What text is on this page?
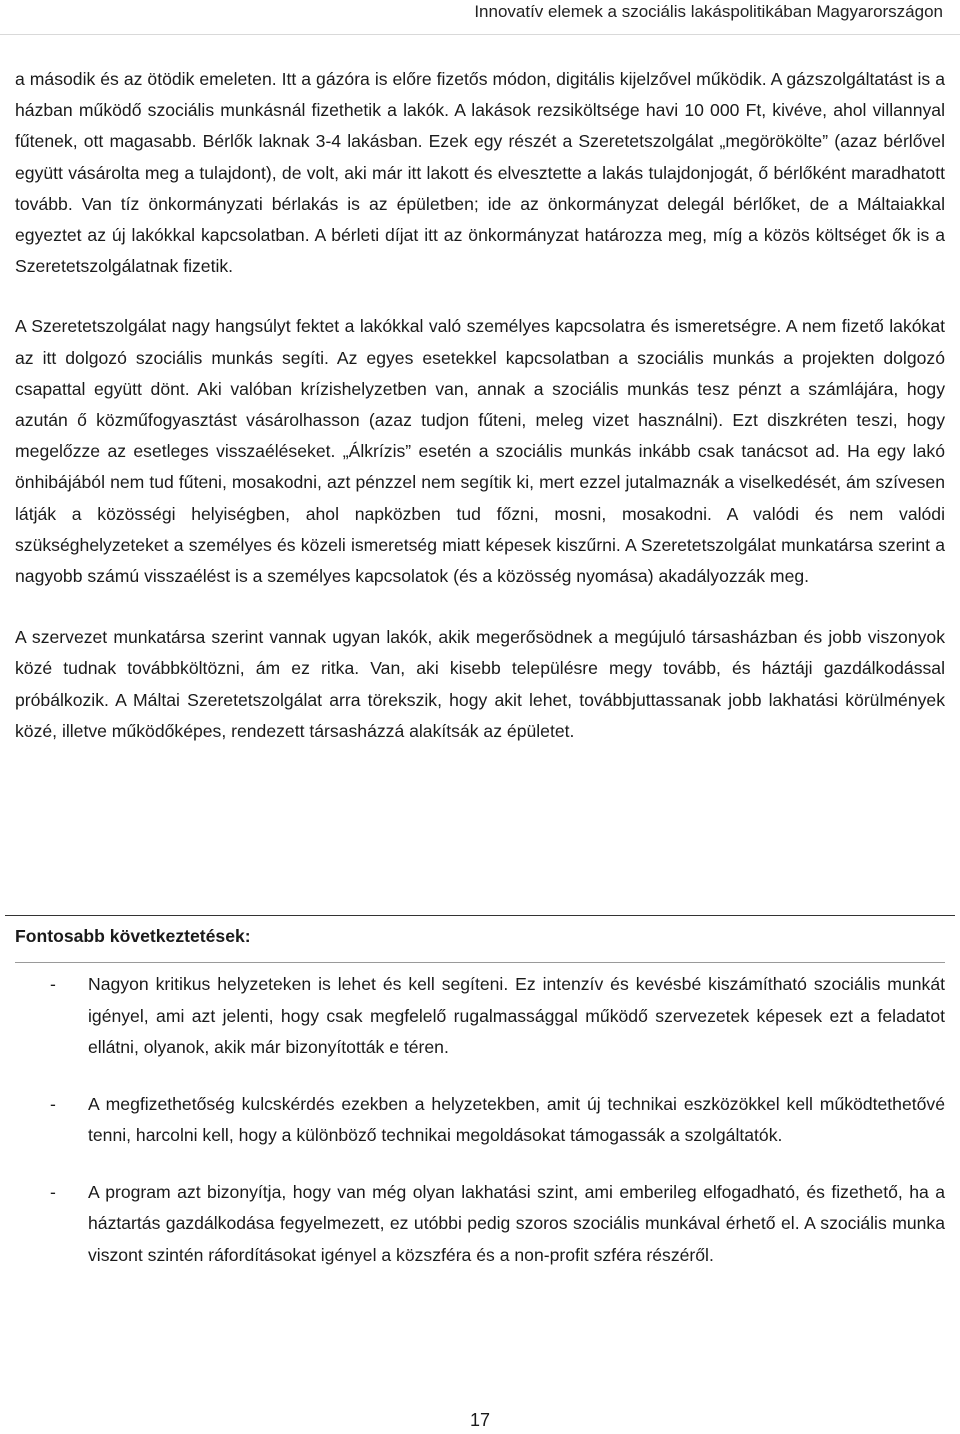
Innovatív elemek a szociális lakáspolitikában Magyarországon

a második és az ötödik emeleten. Itt a gázóra is előre fizetős módon, digitális kijelzővel működik. A gázszolgáltatást is a házban működő szociális munkásnál fizethetik a lakók. A lakások rezsiköltsége havi 10 000 Ft, kivéve, ahol villannyal fűtenek, ott magasabb. Bérlők laknak 3-4 lakásban. Ezek egy részét a Szeretetszolgálat „megörökölte” (azaz bérlővel együtt vásárolta meg a tulajdont), de volt, aki már itt lakott és elvesztette a lakás tulajdonjogát, ő bérlőként maradhatott tovább. Van tíz önkormányzati bérlakás is az épületben; ide az önkormányzat delegál bérlőket, de a Máltaiakkal egyeztet az új lakókkal kapcsolatban. A bérleti díjat itt az önkormányzat határozza meg, míg a közös költséget ők is a Szeretetszolgálatnak fizetik.

A Szeretetszolgálat nagy hangsúlyt fektet a lakókkal való személyes kapcsolatra és ismeretségre. A nem fizető lakókat az itt dolgozó szociális munkás segíti. Az egyes esetekkel kapcsolatban a szociális munkás a projekten dolgozó csapattal együtt dönt. Aki valóban krízishelyzetben van, annak a szociális munkás tesz pénzt a számlájára, hogy azután ő közműfogyasztást vásárolhasson (azaz tudjon fűteni, meleg vizet használni). Ezt diszkréten teszi, hogy megelőzze az esetleges visszaéléseket. „Álkrízis” esetén a szociális munkás inkább csak tanácsot ad. Ha egy lakó önhibájából nem tud fűteni, mosakodni, azt pénzzel nem segítik ki, mert ezzel jutalmaznák a viselkedését, ám szívesen látják a közösségi helyiségben, ahol napközben tud főzni, mosni, mosakodni. A valódi és nem valódi szükséghelyzeteket a személyes és közeli ismeretség miatt képesek kiszűrni. A Szeretetszolgálat munkatársa szerint a nagyobb számú visszaélést is a személyes kapcsolatok (és a közösség nyomása) akadályozzák meg.

A szervezet munkatársa szerint vannak ugyan lakók, akik megerősödnek a megújuló társasházban és jobb viszonyok közé tudnak továbbköltözni, ám ez ritka. Van, aki kisebb településre megy tovább, és háztáji gazdálkodással próbálkozik. A Máltai Szeretetszolgálat arra törekszik, hogy akit lehet, továbbjuttassanak jobb lakhatási körülmények közé, illetve működőképes, rendezett társasházzá alakítsák az épületet.

Fontosabb következtetések:

- Nagyon kritikus helyzeteken is lehet és kell segíteni. Ez intenzív és kevésbé kiszámítható szociális munkát igényel, ami azt jelenti, hogy csak megfelelő rugalmassággal működő szervezetek képesek ezt a feladatot ellátni, olyanok, akik már bizonyították e téren.
- A megfizethetőség kulcskérdés ezekben a helyzetekben, amit új technikai eszközökkel kell működtethetővé tenni, harcolni kell, hogy a különböző technikai megoldásokat támogassák a szolgáltatók.
- A program azt bizonyítja, hogy van még olyan lakhatási szint, ami emberileg elfogadható, és fizethető, ha a háztartás gazdálkodása fegyelmezett, ez utóbbi pedig szoros szociális munkával érhető el. A szociális munka viszont szintén ráfordításokat igényel a közszféra és a non-profit szféra részéről.
17
